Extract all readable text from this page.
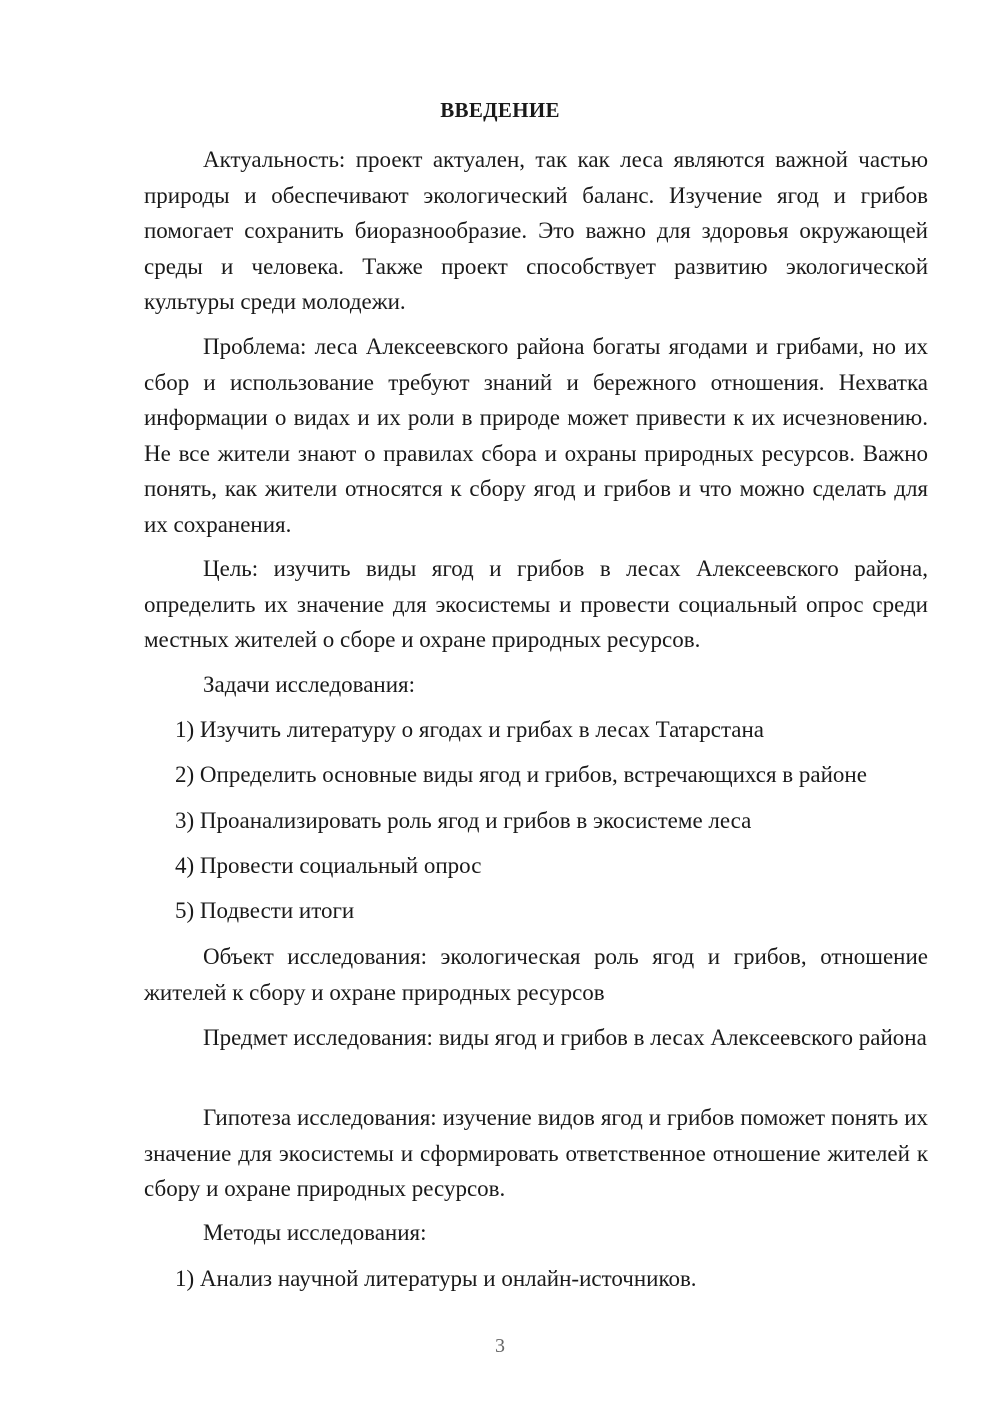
ВВЕДЕНИЕ

Актуальность: проект актуален, так как леса являются важной частью природы и обеспечивают экологический баланс. Изучение ягод и грибов помогает сохранить биоразнообразие. Это важно для здоровья окружающей среды и человека. Также проект способствует развитию экологической культуры среди молодежи.

Проблема: леса Алексеевского района богаты ягодами и грибами, но их сбор и использование требуют знаний и бережного отношения. Нехватка информации о видах и их роли в природе может привести к их исчезновению. Не все жители знают о правилах сбора и охраны природных ресурсов. Важно понять, как жители относятся к сбору ягод и грибов и что можно сделать для их сохранения.

Цель: изучить виды ягод и грибов в лесах Алексеевского района, определить их значение для экосистемы и провести социальный опрос среди местных жителей о сборе и охране природных ресурсов.

Задачи исследования:

1) Изучить литературу о ягодах и грибах в лесах Татарстана

2) Определить основные виды ягод и грибов, встречающихся в районе

3) Проанализировать роль ягод и грибов в экосистеме леса

4) Провести социальный опрос

5) Подвести итоги

Объект исследования: экологическая роль ягод и грибов, отношение жителей к сбору и охране природных ресурсов

Предмет исследования: виды ягод и грибов в лесах Алексеевского района

Гипотеза исследования: изучение видов ягод и грибов поможет понять их значение для экосистемы и сформировать ответственное отношение жителей к сбору и охране природных ресурсов.

Методы исследования:

1) Анализ научной литературы и онлайн-источников.

3
